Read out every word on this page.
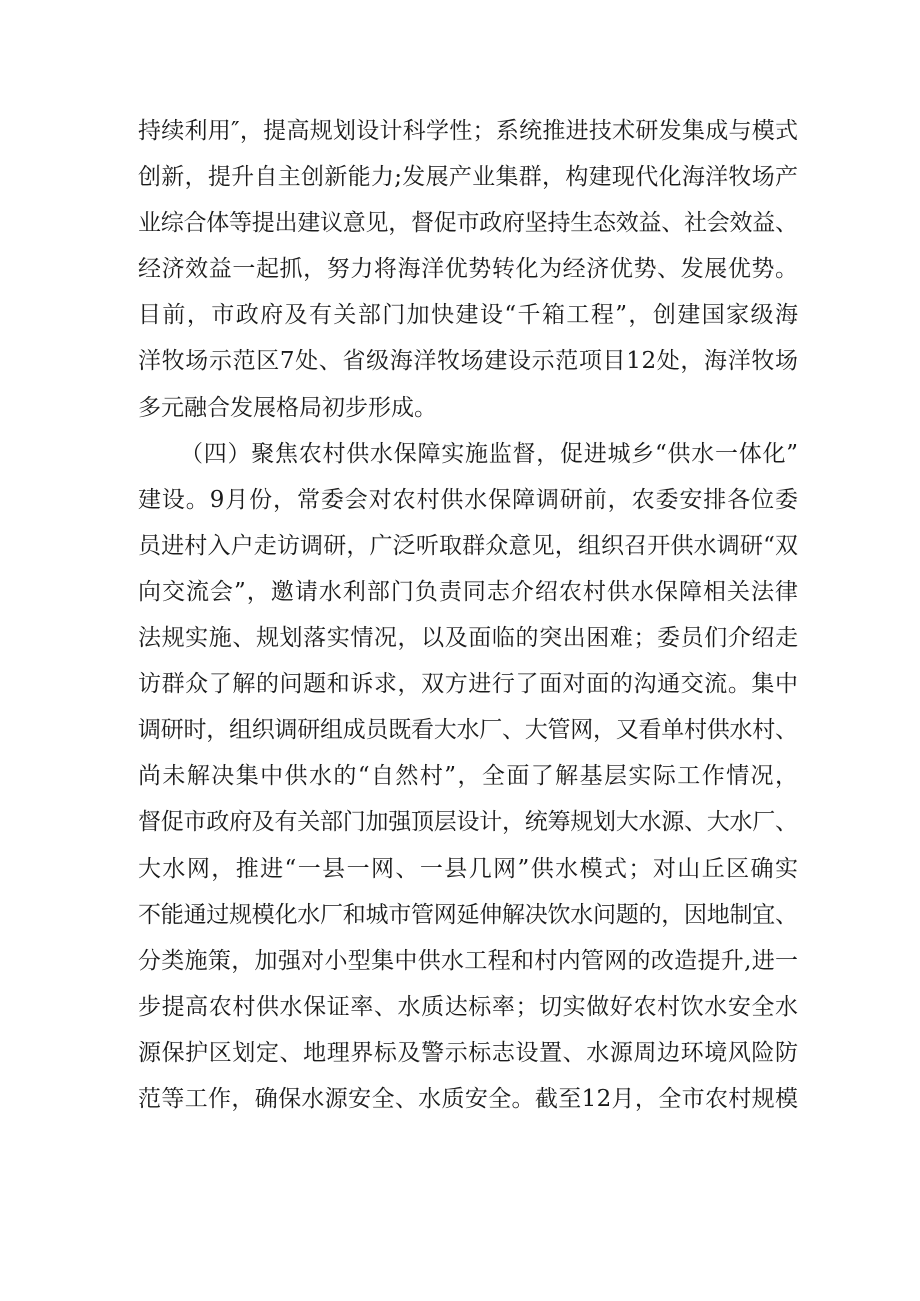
持续利用″，提高规划设计科学性；系统推进技术研发集成与模式
创新，提升自主创新能力;发展产业集群，构建现代化海洋牧场产
业综合体等提出建议意见，督促市政府坚持生态效益、社会效益、
经济效益一起抓，努力将海洋优势转化为经济优势、发展优势。
目前，市政府及有关部门加快建设“千箱工程”，创建国家级海
洋牧场示范区7处、省级海洋牧场建设示范项目12处，海洋牧场
多元融合发展格局初步形成。
（四）聚焦农村供水保障实施监督，促进城乡“供水一体化”
建设。9月份，常委会对农村供水保障调研前，农委安排各位委
员进村入户走访调研，广泛听取群众意见，组织召开供水调研“双
向交流会”，邀请水利部门负责同志介绍农村供水保障相关法律
法规实施、规划落实情况，以及面临的突出困难；委员们介绍走
访群众了解的问题和诉求，双方进行了面对面的沟通交流。集中
调研时，组织调研组成员既看大水厂、大管网，又看单村供水村、
尚未解决集中供水的“自然村”，全面了解基层实际工作情况，
督促市政府及有关部门加强顶层设计，统筹规划大水源、大水厂、
大水网，推进“一县一网、一县几网”供水模式；对山丘区确实
不能通过规模化水厂和城市管网延伸解决饮水问题的，因地制宜、
分类施策，加强对小型集中供水工程和村内管网的改造提升,进一
步提高农村供水保证率、水质达标率；切实做好农村饮水安全水
源保护区划定、地理界标及警示标志设置、水源周边环境风险防
范等工作，确保水源安全、水质安全。截至12月，全市农村规模
